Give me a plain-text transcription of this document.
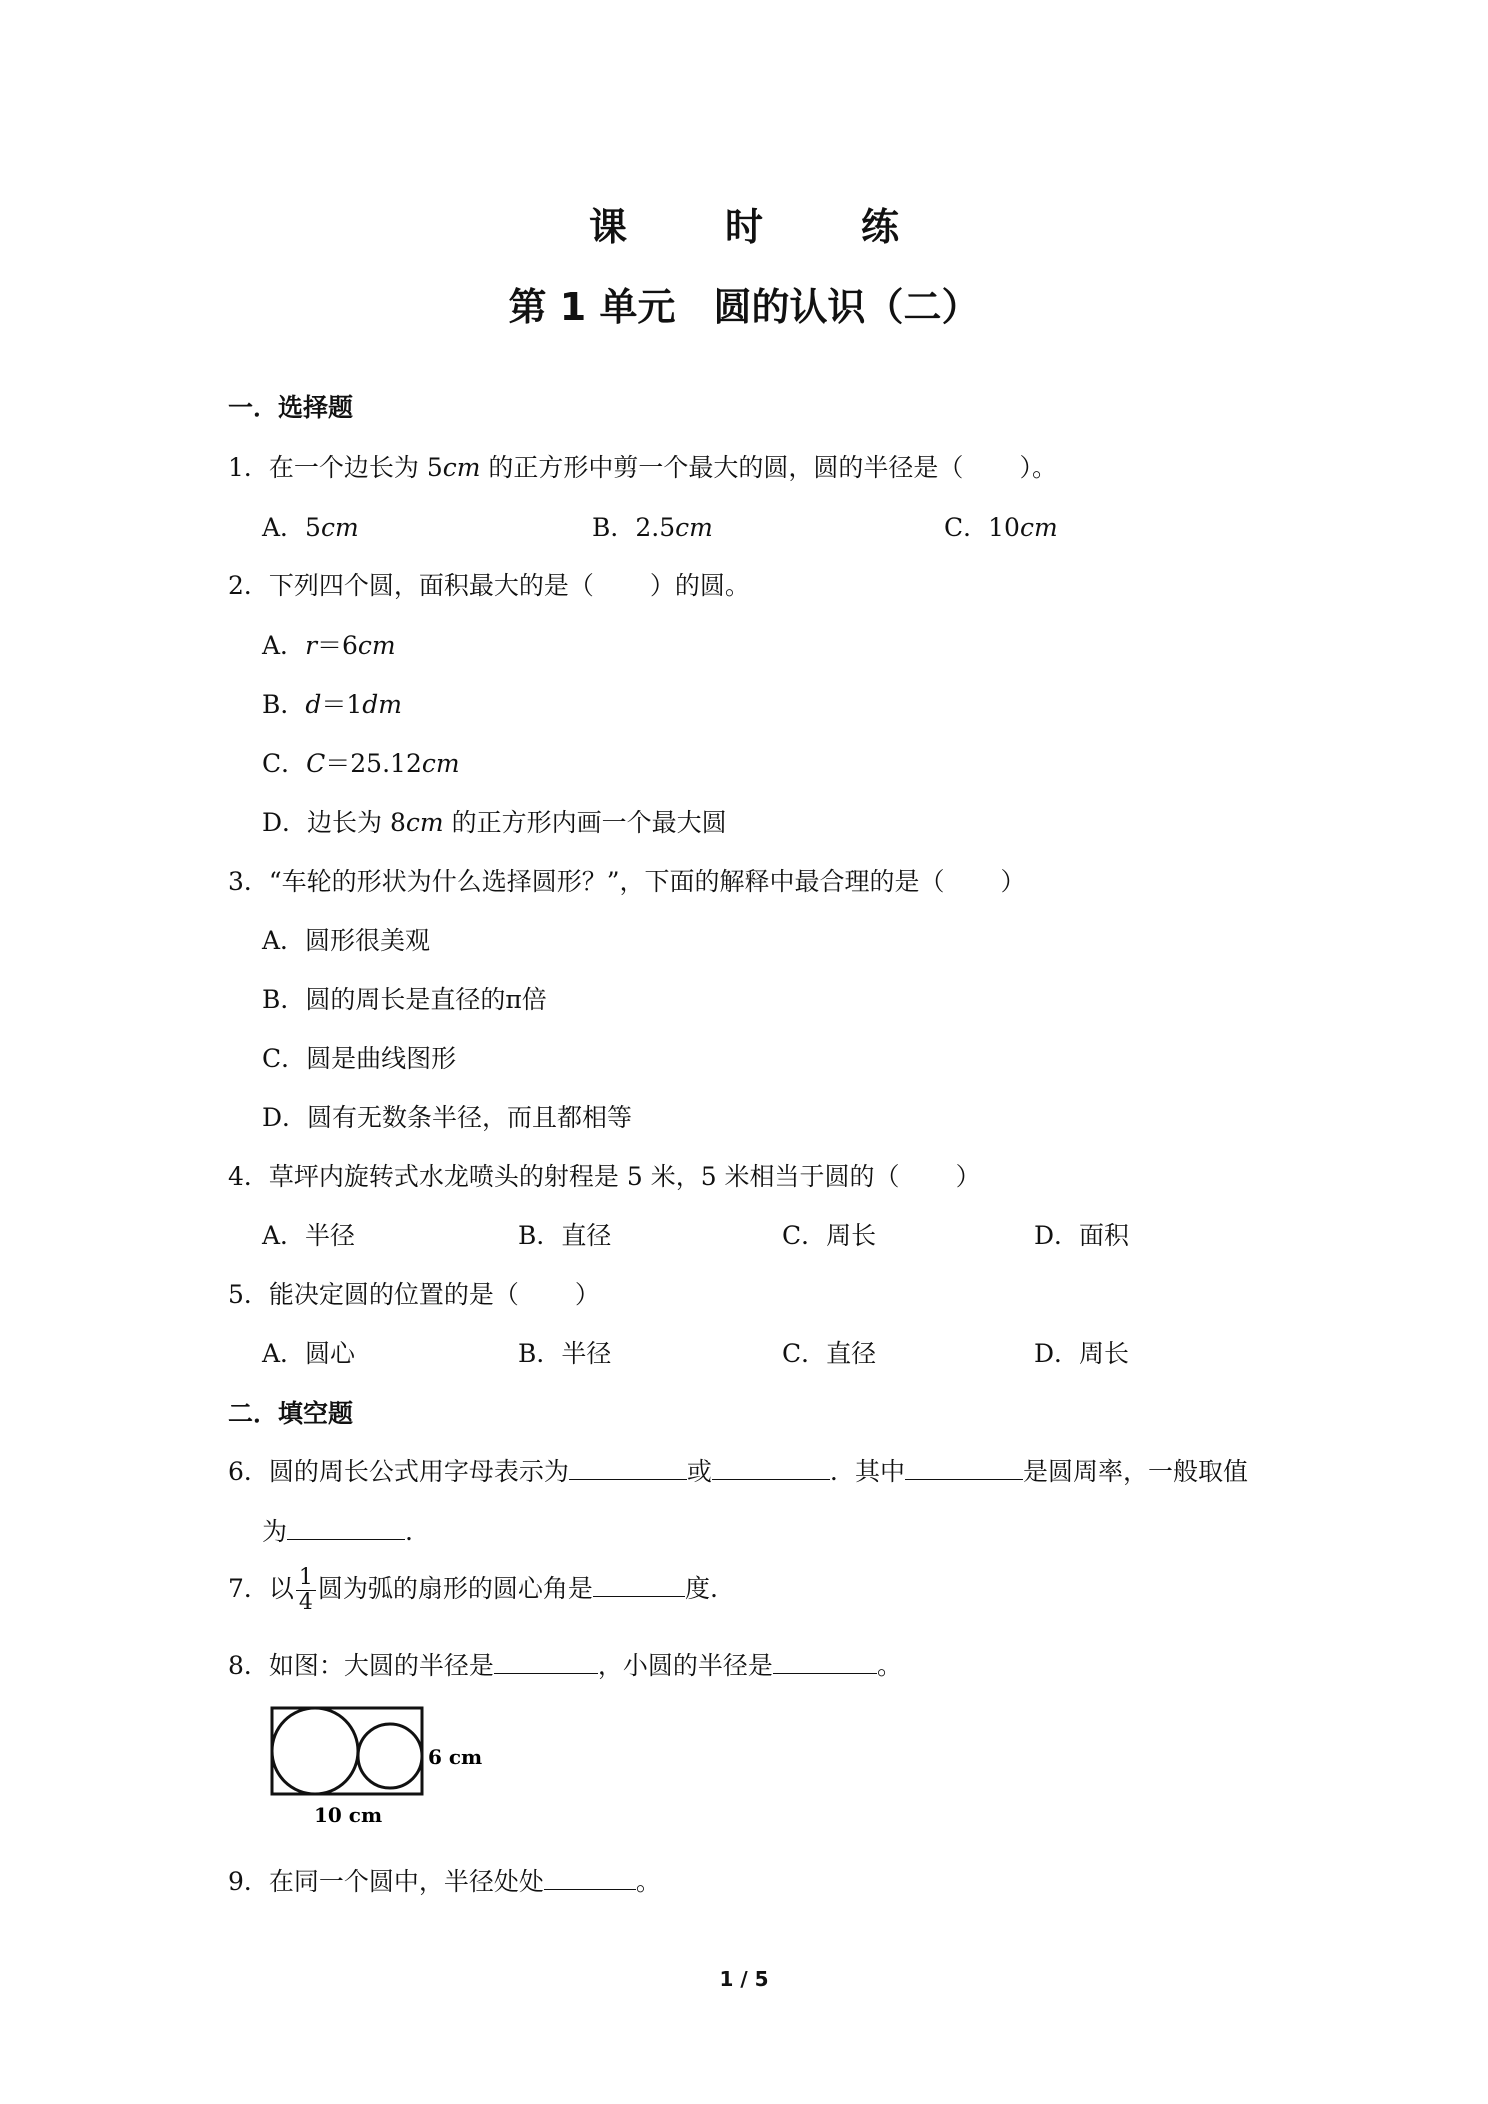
课　时　练
第 1 单元　圆的认识（二）
一．选择题
1．在一个边长为 5cm 的正方形中剪一个最大的圆，圆的半径是（ ）。
A．5cm	B．2.5cm	C．10cm
2．下列四个圆，面积最大的是（ ）的圆。
A．r＝6cm
B．d＝1dm
C．C＝25.12cm
D．边长为 8cm 的正方形内画一个最大圆
3．“车轮的形状为什么选择圆形？”，下面的解释中最合理的是（ ）
A．圆形很美观
B．圆的周长是直径的π倍
C．圆是曲线图形
D．圆有无数条半径，而且都相等
4．草坪内旋转式水龙喷头的射程是 5 米，5 米相当于圆的（ ）
A．半径	B．直径	C．周长	D．面积
5．能决定圆的位置的是（ ）
A．圆心	B．半径	C．直径	D．周长
二．填空题
6．圆的周长公式用字母表示为	或	．其中	是圆周率，一般取值
为	.
7．以 $\frac{1}{4}$ 圆为弧的扇形的圆心角是	度.
8．如图：大圆的半径是	，小圆的半径是	。
6 cm
10 cm
9．在同一个圆中，半径处处	。
1 / 5
